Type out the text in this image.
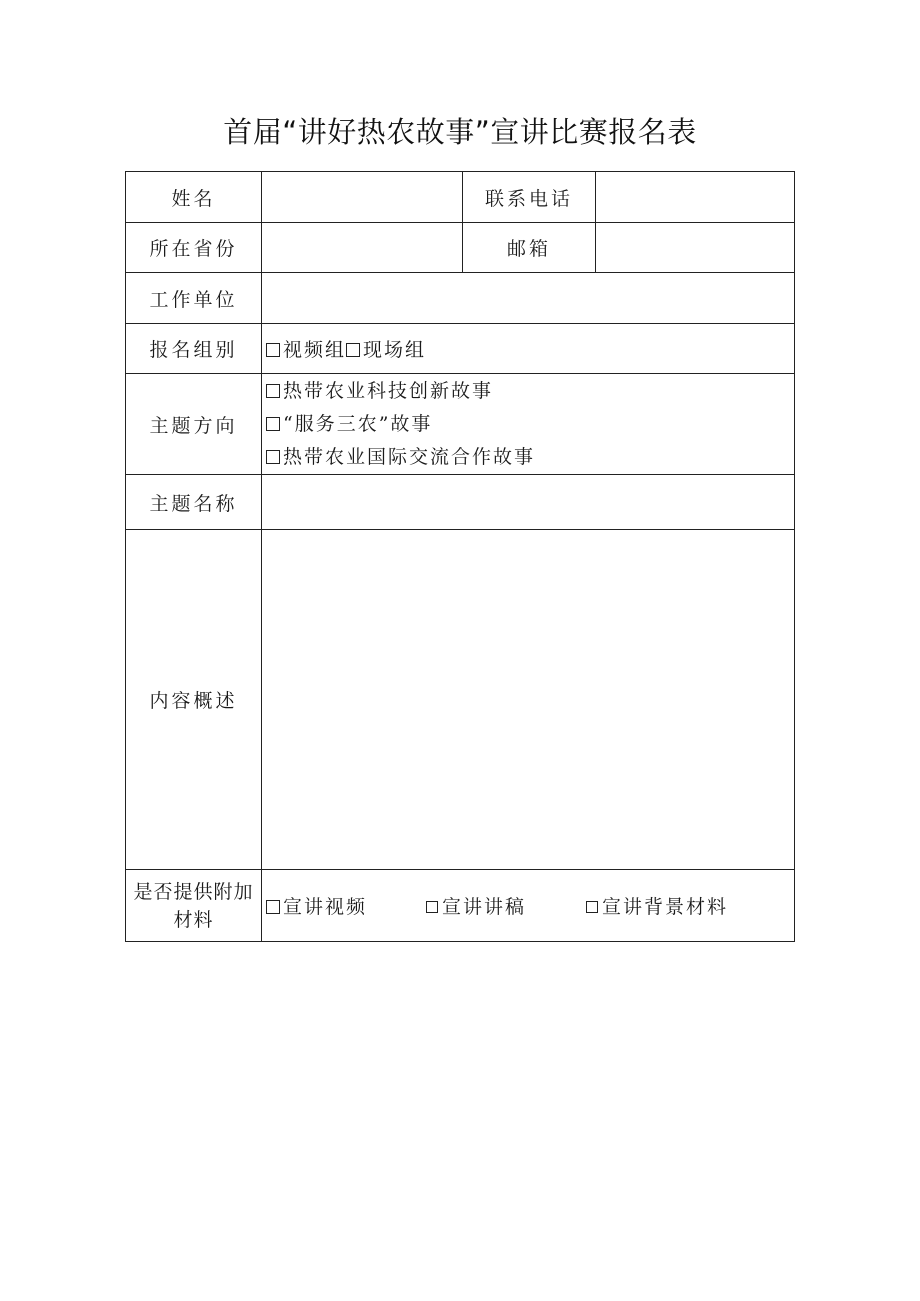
首届“讲好热农故事”宣讲比赛报名表
姓名		联系电话	
所在省份		邮箱	
工作单位			
报名组别	视频组 现场组		
主题方向	热带农业科技创新故事
“服务三农”故事
热带农业国际交流合作故事		

主题名称			
内容概述			

是否提供附加
材料	宣讲视频 宣讲讲稿 宣讲背景材料		
